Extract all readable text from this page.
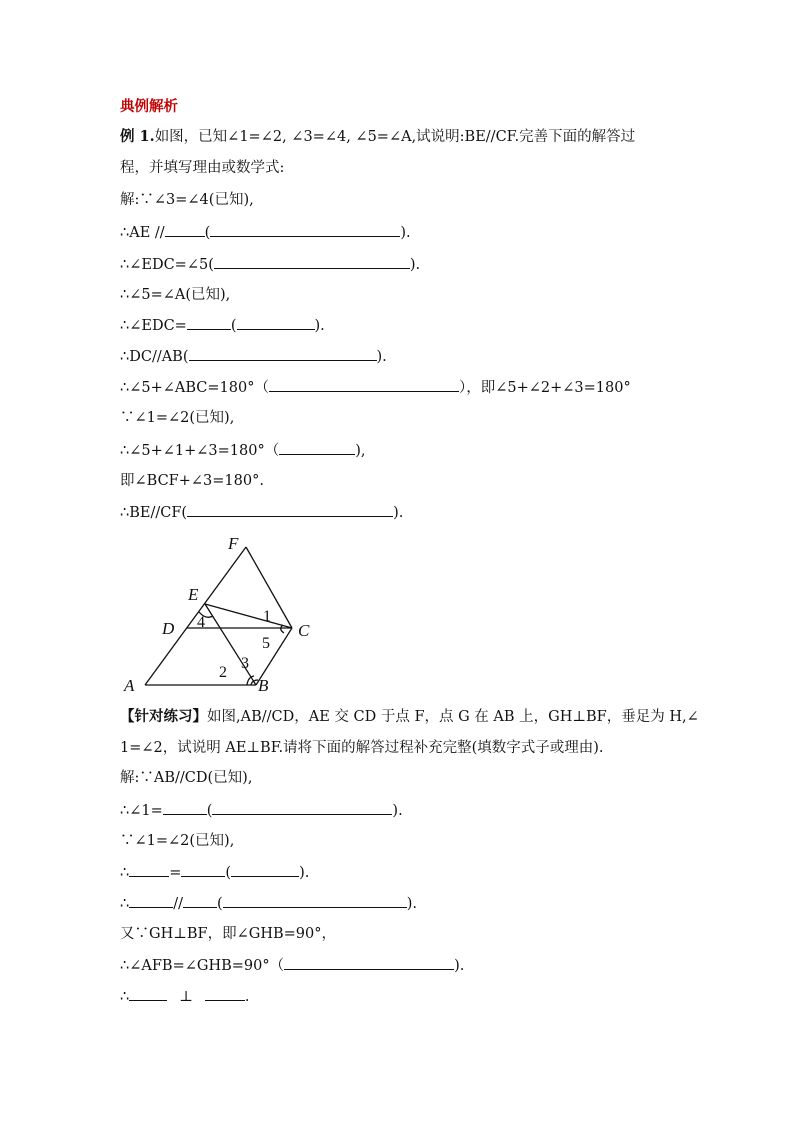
典例解析
例 1.如图，已知∠1=∠2, ∠3=∠4, ∠5=∠A,试说明:BE//CF.完善下面的解答过
程，并填写理由或数学式:
解:∵∠3=∠4(已知),
∴AE //	(	).
∴∠EDC=∠5(	).
∴∠5=∠A(已知),
∴∠EDC=	(	).
∴DC//AB(	).
∴∠5+∠ABC=180°（	），即∠5+∠2+∠3=180°
∵∠1=∠2(已知),
∴∠5+∠1+∠3=180°（	),
即∠BCF+∠3=180°.
∴BE//CF(	).
F
E
D	C
A	B
1
2
3
4
5
【针对练习】如图,AB//CD，AE 交 CD 于点 F，点 G 在 AB 上，GH⊥BF，垂足为 H,∠
1=∠2，试说明 AE⊥BF.请将下面的解答过程补充完整(填数字式子或理由).
解:∵AB//CD(已知),
∴∠1=	(	).
∵∠1=∠2(已知),
∴	=	(	).
∴	// (	).
又∵GH⊥BF，即∠GHB=90°，
∴∠AFB=∠GHB=90°（	).
∴	⊥	.
